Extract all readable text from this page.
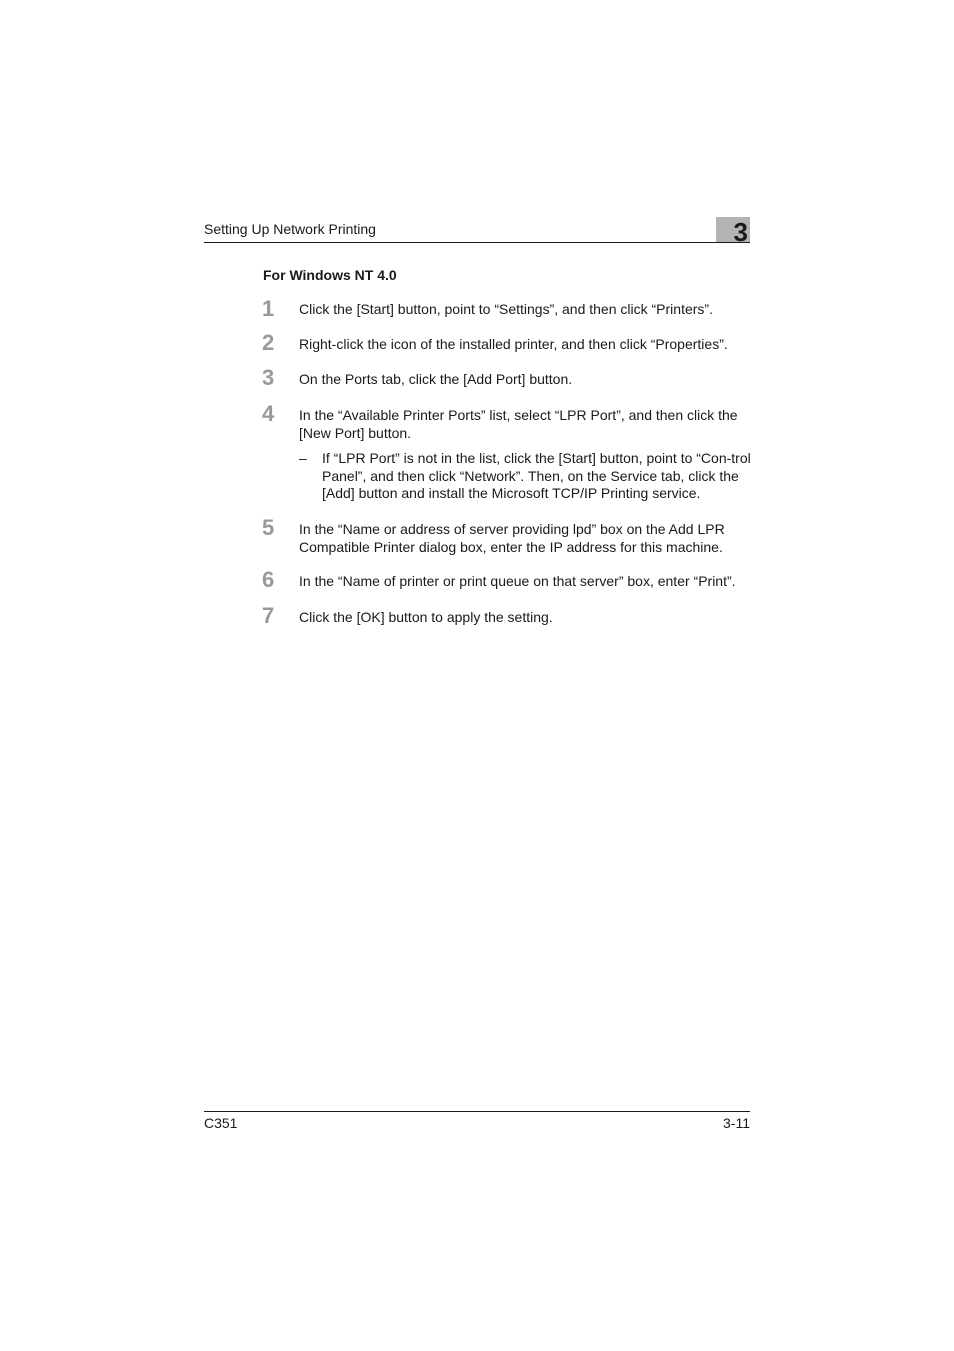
Setting Up Network Printing	3
For Windows NT 4.0
1 Click the [Start] button, point to “Settings”, and then click “Printers”.
2 Right-click the icon of the installed printer, and then click “Properties”.
3 On the Ports tab, click the [Add Port] button.
4 In the “Available Printer Ports” list, select “LPR Port”, and then click the [New Port] button.
– If “LPR Port” is not in the list, click the [Start] button, point to “Con-trol Panel”, and then click “Network”. Then, on the Service tab, click the [Add] button and install the Microsoft TCP/IP Printing service.
5 In the “Name or address of server providing lpd” box on the Add LPR Compatible Printer dialog box, enter the IP address for this machine.
6 In the “Name of printer or print queue on that server” box, enter “Print”.
7 Click the [OK] button to apply the setting.
C351	3-11
